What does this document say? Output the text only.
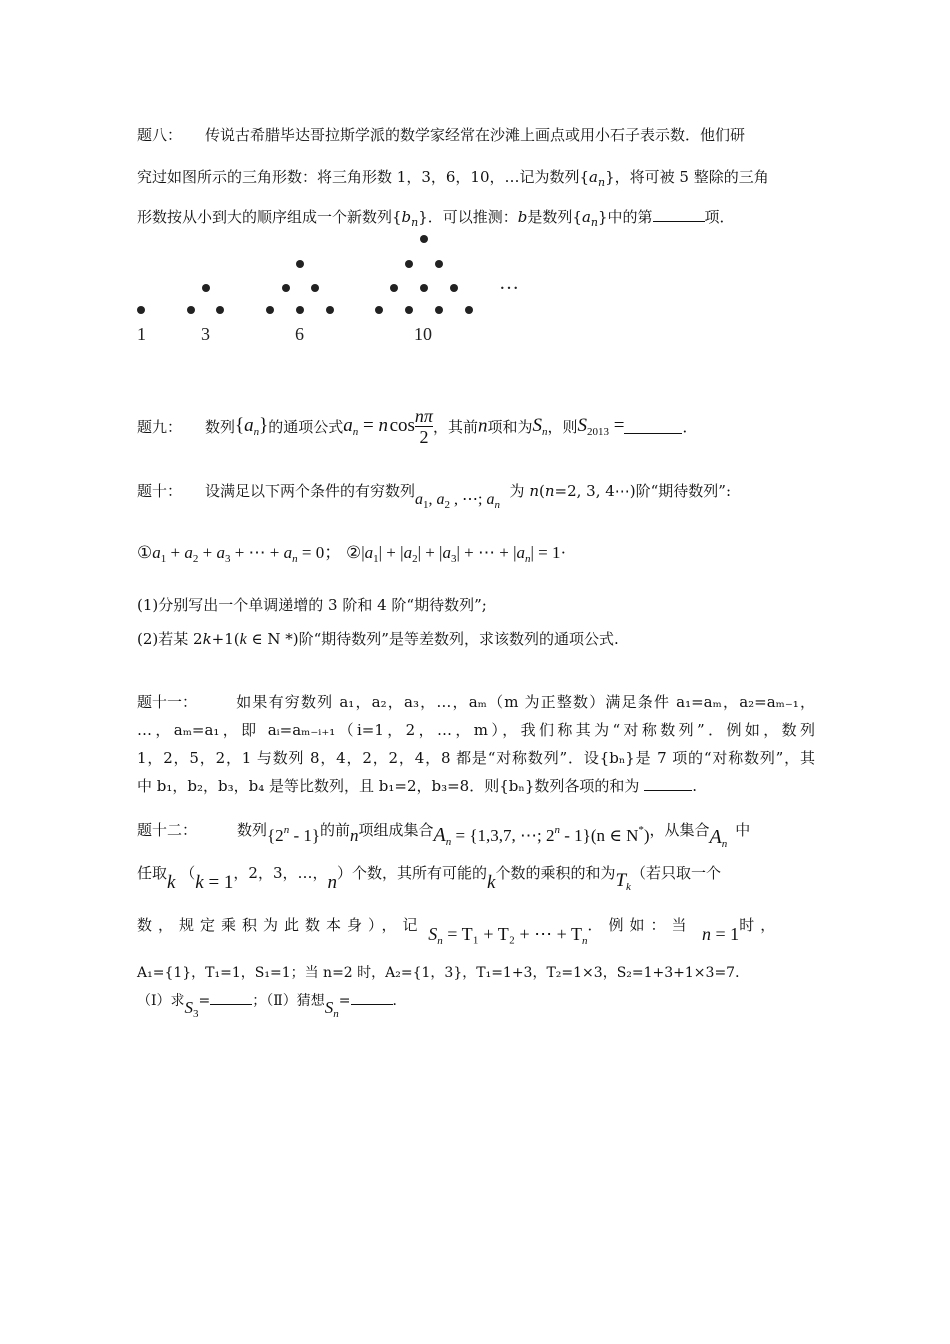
题八： 传说古希腊毕达哥拉斯学派的数学家经常在沙滩上画点或用小石子表示数．他们研
究过如图所示的三角形数：将三角形数 1，3，6，10，…记为数列$\{a_n\}$，将可被 5 整除的三角
形数按从小到大的顺序组成一个新数列$\{b_n\}$．可以推测：b是数列$\{a_n\}$中的第	项．
…
1	3	6	10
题九： 数列$\{a_n\}$的通项公式$a_n = n$ $\cos \frac{n\pi}{2}$ ，其前n项和为$S_n$，则$S_{2013}$ =	．
题十： 设满足以下两个条件的有穷数列$a_1$, $a_2$ , ⋯; $a_n$  为 n(n=2, 3, 4⋯)阶“期待数列”:
$①a_1 + a_2 + a_3$ + ⋯ + $a_n = 0$； $②|a_1| + |a_2| + |a_3|$ + ⋯ + $|a_n| = 1\cdot$
(1)分别写出一个单调递增的 3 阶和 4 阶“期待数列”;
(2)若某 2k+1(k ∈ N *)阶“期待数列”是等差数列，求该数列的通项公式.
题十一：	如果有穷数列 a₁，a₂，a₃，…，aₘ（m 为正整数）满足条件 a₁=aₘ，a₂=aₘ₋₁，
…，aₘ=a₁，即 aᵢ=aₘ₋ᵢ₊₁（i=1，2，…，m），我们称其为“对称数列”．例如，数列
1，2，5，2，1 与数列 8，4，2，2，4，8 都是“对称数列”．设{bₙ}是 7 项的“对称数列”，其
中 b₁，b₂，b₃，b₄ 是等比数列，且 b₁=2，b₃=8．则{bₙ}数列各项的和为	.
题十二：	数列{2$^n$ - 1}的前n项组成集合$A_n = \{1,3,7$, ⋯; 2$^n$ - 1}(n ∈ N*)，从集合$A_n$中
任取k （k = 1，2，3，…，n）个数，其所有可能的k个数的乘积的和为$T_k$（若只取一个
数，规定乘积为此数本身），记 $S_n = T_1 + T_2$ + ⋯ + $T_n$．例如：当 n = 1时，
A₁={1}，T₁=1，S₁=1；当 n=2 时，A₂={1，3}，T₁=1+3，T₂=1×3，S₂=1+3+1×3=7．
（Ⅰ）求$S_3=$	；（Ⅱ）猜想$S_n=$	．
